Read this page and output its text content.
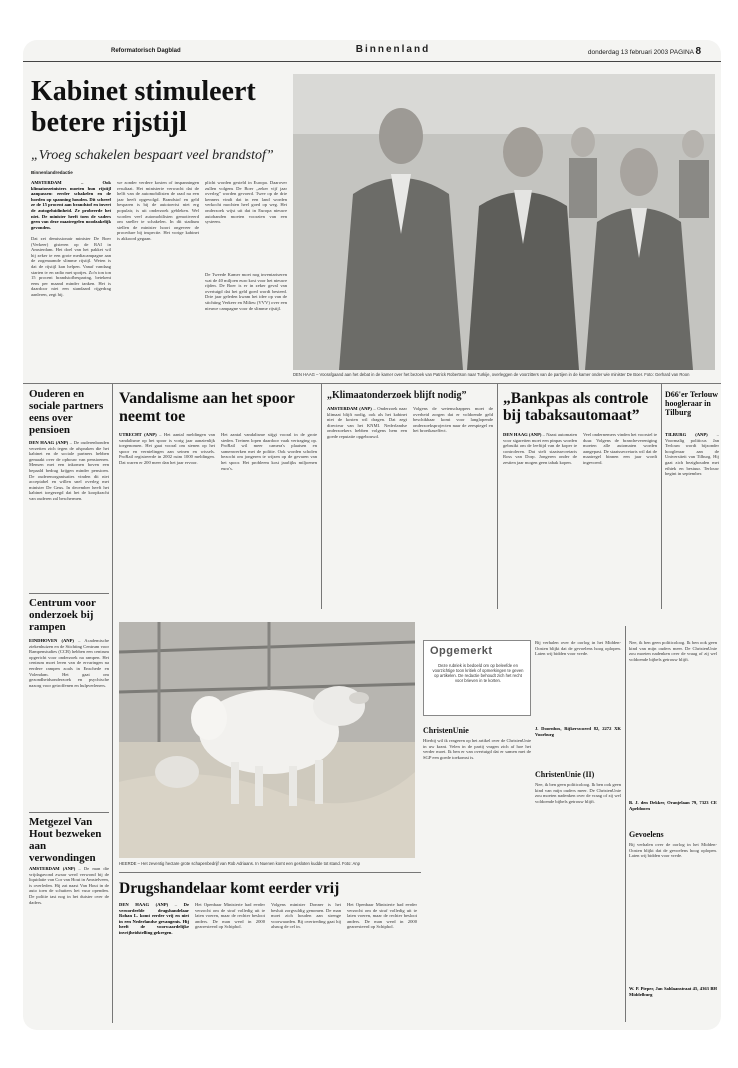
Reformatorisch Dagblad	Binnenland	donderdag 13 februari 2003 PAGINA 8
Kabinet stimuleert betere rijstijl
„Vroeg schakelen bespaart veel brandstof”
Binnenlandredactie
AMSTERDAM – Ook klimatoezeinisters moeten hun rijstijl aanpassen: eerder schakelen en de hoeden op spanning houden. Dit schreef ze de 15 procent aan brandstof en invert de autogeluidinheid. Ze probeerde het niet. De minister heeft toen de vaders geen van deze maatregelen noodzakelijk gevonden.

Dat zei demissionair minister De Boer (Verkeer) gisteren op de RAI in Amsterdam. Het doel van het pakket wil hij zeker te een grote mediacampagne aan de zogenaamde slimme rijstijl. Weten is dat de rijstijl kan helpen. Vanaf vandaag starten tv en radio met spotjes. Zo'n ton ton 15 procent brandstofbesparing, betekent eens per maand minder tanken. Het is daardoor niet een standaard rijgedrag aanleren, zegt hij.
we zonder verdere kosten of inspanningen resultaat. Het ministerie verwacht dat de helft van de automobilisten de raad na een jaar heeft opgevolgd. Brandstof en geld besparen is bij de autotoerist niet erg populair, is uit onderzoek gebleken. Wel worden veel automobilisten gemotiveerd om sneller te schakelen. In dit stadium stellen de minister hoort ongeveer de procedure bij inspectie. Het vorige kabinet is akkoord gegaan.
plicht worden gesteld in Europa. Daarover zullen volgens De Boer „zeker vijf jaar overleg” worden gevoerd. Twee op de drie kenners vindt dat in een land worden verkocht mochten heel goed op weg. Het onderzoek wijst uit dat in Europa nieuwe autobanden moeten voorzien van een systeem.
De Tweede Kamer moet nog inventariseren wat de 40 miljoen euro kost voor het nieuwe rijden. De Boer is er in zeker geval van overtuigd dat het geld goed wordt besteed. Drie jaar geleden kwam het idee op van de stichting Verkeer en Milieu (VVV) over een nieuwe campagne voor de slimme rijstijl.
DEN HAAG – Voorafgaand aan het debat in de kamer over het bezoek van Patrick Robertson naar Turkije, overleggen de voorzitters van de partijen in de kamer onder wie minister De Boer. Foto: Gerhard van Roon
Ouderen en sociale partners eens over pensioen
DEN HAAG (ANP) – De ouderenbonden verzetten zich tegen de afspraken die het kabinet en de sociale partners hebben gemaakt over de opbouw van pensioenen. Mensen met een inkomen boven een bepaald bedrag krijgen minder pensioen. De ouderenorganisaties vinden dit niet acceptabel en willen snel overleg met minister De Geus. In december heeft het kabinet toegezegd dat het de koopkracht van ouderen zal beschermen.
Centrum voor onderzoek bij rampen
EINDHOVEN (ANP) – Academische ziekenhuizen en de Stichting Centrum voor Rampenstudies (CCR) hebben een centrum opgericht voor onderzoek na rampen. Het centrum moet leren van de ervaringen na eerdere rampen zoals in Enschede en Volendam. Het gaat om gezondheidsonderzoek en psychische nazorg voor getroffenen en hulpverleners.
Metgezel Van Hout bezweken aan verwondingen
AMSTERDAM (ANP) – De man die vrijdagavond zwaar werd verwond bij de liquidatie van Cor van Hout in Amstelveen, is overleden. Hij zat naast Van Hout in de auto toen de schutters het vuur openden. De politie tast nog in het duister over de daders.
Vandalisme aan het spoor neemt toe
UTRECHT (ANP) – Het aantal meldingen van vandalisme op het spoor is vorig jaar aanzienlijk toegenomen. Het gaat vooral om stenen op het spoor en vernielingen aan seinen en wissels. ProRail registreerde in 2002 ruim 1000 meldingen. Dat waren er 200 meer dan het jaar ervoor.
Het aantal vandalisme stijgt vooral in de grote steden. Treinen lopen daardoor vaak vertraging op. ProRail wil meer camera's plaatsen en samenwerken met de politie. Ook worden scholen bezocht om jongeren te wijzen op de gevaren van het spoor. Het probleem kost jaarlijks miljoenen euro's.
„Klimaatonderzoek blijft nodig”
AMSTERDAM (ANP) – Onderzoek naar klimaat blijft nodig, ook als het kabinet niet de kosten wil dragen. Dat zegt directeur van het KNMI. Nederlandse onderzoekers hebben volgens hem een goede reputatie opgebouwd.
Volgens de wetenschappers moet de overheid zorgen dat er voldoende geld beschikbaar komt voor langlopende onderzoeksprojecten naar de zeespiegel en het broeikaseffect.
„Bankpas als controle bij tabaksautomaat”
DEN HAAG (ANP) – Naast automaten voor sigaretten moet een pinpas worden gebruikt om de leeftijd van de koper te controleren. Dat stelt staatssecretaris Ross van Dorp. Jongeren onder de zestien jaar mogen geen tabak kopen.
Veel ondernemers vinden het voorstel te duur. Volgens de branchevereniging moeten alle automaten worden aangepast. De staatssecretaris wil dat de maatregel binnen een jaar wordt ingevoerd.
D66'er Terlouw hoogleraar in Tilburg
TILBURG (ANP) – Voormalig politicus Jan Terlouw wordt bijzonder hoogleraar aan de Universiteit van Tilburg. Hij gaat zich bezighouden met ethiek en bestuur. Terlouw begint in september.
HEERDE – Het zeventig hectare grote schapenbedrijf van Rob Adriaans. In Nuenen komt een gesloten kudde tot stand. Foto: Anp
Opgemerkt
Deze rubriek is bedoeld om op beleefde en voorzichtige toon kritiek of opmerkingen te geven op artikelen. De redactie behoudt zich het recht voor brieven in te korten.
Bij verhalen over de oorlog in het Midden-Oosten blijkt dat de gevoelens hoog oplopen. Laten wij bidden voor vrede.
ChristenUnie
Hierbij wil ik reageren op het artikel over de ChristenUnie in uw krant. Velen in de partij vragen zich af hoe het verder moet. Ik ben er van overtuigd dat er samen met de SGP een goede toekomst is.
J. Doornbos, Rijkerswoerd 82, 2272 XK Voorburg
ChristenUnie (II)
Nee, ik ben geen politicoloog. Ik ben ook geen kind van mijn ouders meer. De ChristenUnie zou moeten nadenken over de vraag of zij wel voldoende bijbels getrouw blijft.
Nee, ik ben geen politicoloog. Ik ben ook geen kind van mijn ouders meer. De ChristenUnie zou moeten nadenken over de vraag of zij wel voldoende bijbels getrouw blijft.
B. J. den Dekker, Oranjelaan 79, 7323 CE Apeldoorn
Gevoelens
Bij verhalen over de oorlog in het Midden-Oosten blijkt dat de gevoelens hoog oplopen. Laten wij bidden voor vrede.
W. P. Pieper, Jan Sahlaanstraat 45, 4363 BH Middelburg
Drugshandelaar komt eerder vrij
DEN HAAG (ANP) – De veroordeelde drugshandelaar Rohan L. komt eerder vrij en niet in een Nederlandse gevangenis. Hij heeft de voorwaardelijke invrijheidstelling gekregen.
Het Openbaar Ministerie had eerder verzocht om de straf volledig uit te laten voeren, maar de rechter besloot anders. De man werd in 2000 gearresteerd op Schiphol.
Volgens minister Donner is het besluit zorgvuldig genomen. De man moet zich houden aan strenge voorwaarden. Bij overtreding gaat hij alsnog de cel in.
Het Openbaar Ministerie had eerder verzocht om de straf volledig uit te laten voeren, maar de rechter besloot anders. De man werd in 2000 gearresteerd op Schiphol.
